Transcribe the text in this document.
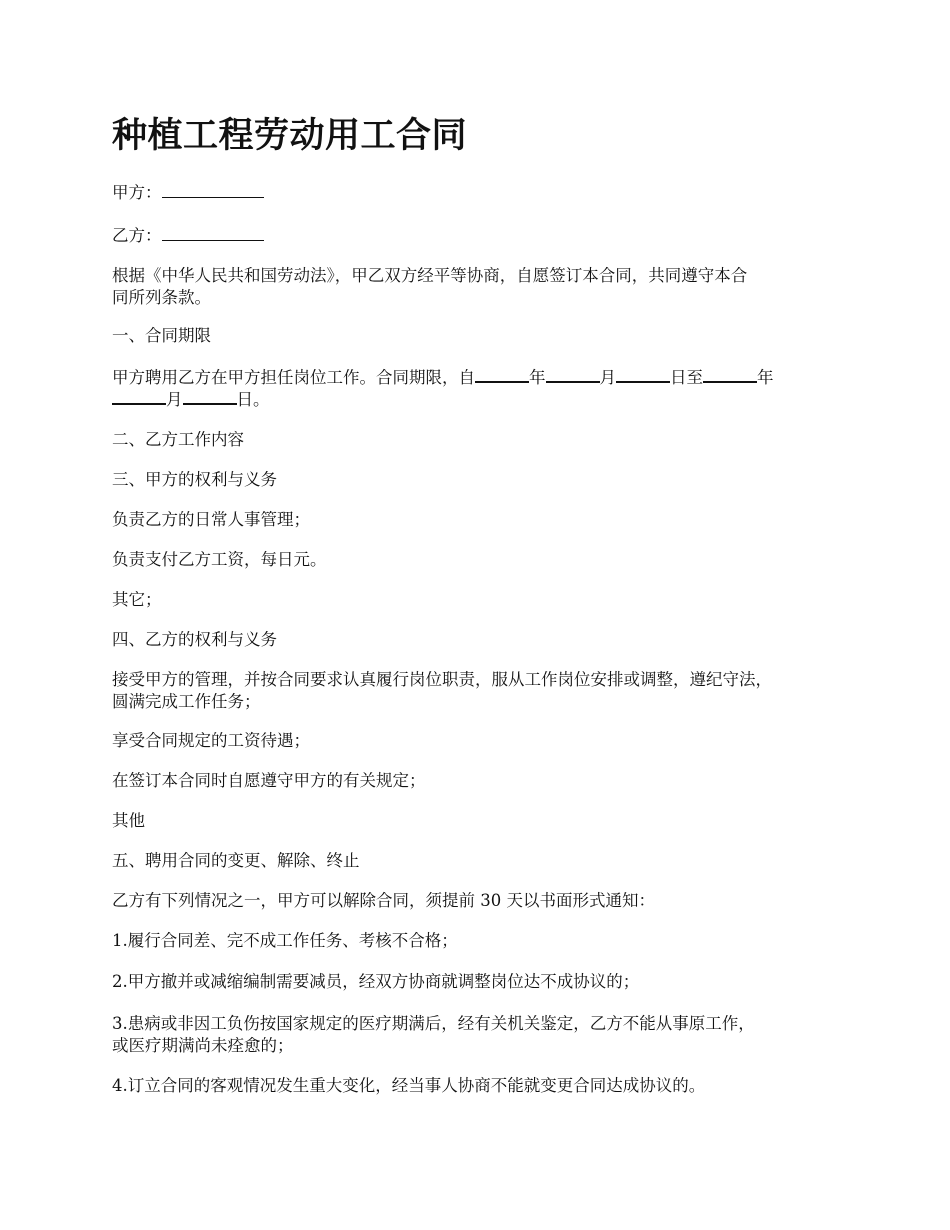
种植工程劳动用工合同

甲方：

乙方：

根据《中华人民共和国劳动法》，甲乙双方经平等协商，自愿签订本合同，共同遵守本合

同所列条款。

一、合同期限

甲方聘用乙方在甲方担任岗位工作。合同期限，自	年	月	日至	年

月	日。

二、乙方工作内容

三、甲方的权利与义务

负责乙方的日常人事管理；

负责支付乙方工资，每日元。

其它；

四、乙方的权利与义务

接受甲方的管理，并按合同要求认真履行岗位职责，服从工作岗位安排或调整，遵纪守法，

圆满完成工作任务；

享受合同规定的工资待遇；

在签订本合同时自愿遵守甲方的有关规定；

其他

五、聘用合同的变更、解除、终止

乙方有下列情况之一，甲方可以解除合同，须提前 30 天以书面形式通知：

1.履行合同差、完不成工作任务、考核不合格；

2.甲方撤并或减缩编制需要减员，经双方协商就调整岗位达不成协议的；

3.患病或非因工负伤按国家规定的医疗期满后，经有关机关鉴定，乙方不能从事原工作，

或医疗期满尚未痊愈的；

4.订立合同的客观情况发生重大变化，经当事人协商不能就变更合同达成协议的。
